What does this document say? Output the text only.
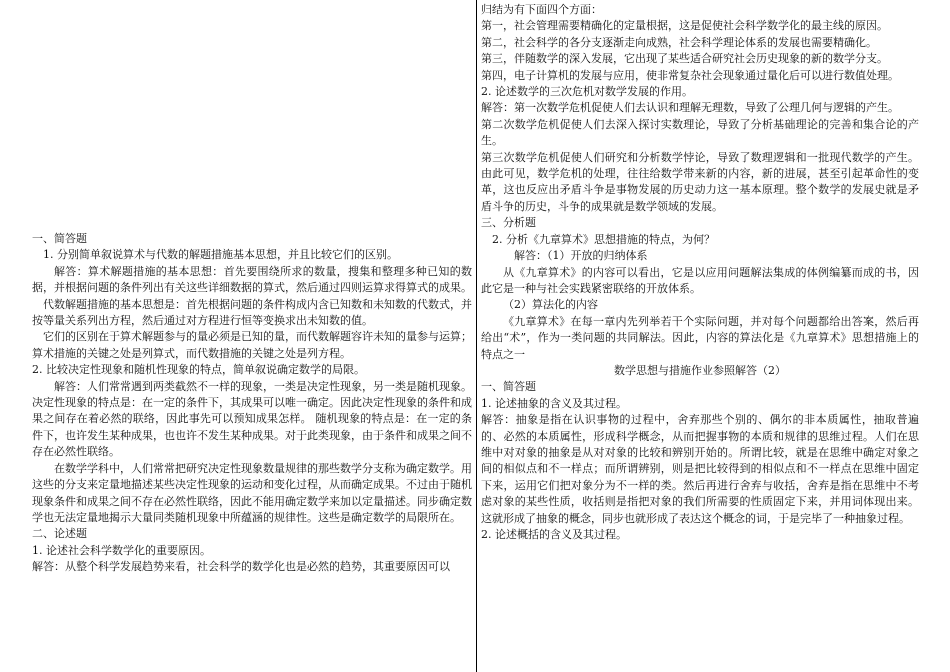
一、简答题

1. 分别简单叙说算术与代数的解题措施基本思想，并且比较它们的区别。

解答：算术解题措施的基本思想：首先要围绕所求的数量，搜集和整理多种已知的数据，并根据问题的条件列出有关这些详细数据的算式，然后通过四则运算求得算式的成果。

代数解题措施的基本思想是：首先根据问题的条件构成内含已知数和未知数的代数式，并按等量关系列出方程，然后通过对方程进行恒等变换求出未知数的值。

它们的区别在于算术解题参与的量必须是已知的量，而代数解题容许未知的量参与运算；算术措施的关键之处是列算式，而代数措施的关键之处是列方程。

2. 比较决定性现象和随机性现象的特点，简单叙说确定数学的局限。

解答：人们常常遇到两类截然不一样的现象，一类是决定性现象，另一类是随机现象。决定性现象的特点是：在一定的条件下，其成果可以唯一确定。因此决定性现象的条件和成果之间存在着必然的联络，因此事先可以预知成果怎样。 随机现象的特点是：在一定的条件下，也许发生某种成果，也也许不发生某种成果。对于此类现象，由于条件和成果之间不存在必然性联络。

在数学学科中，人们常常把研究决定性现象数量规律的那些数学分支称为确定数学。用这些的分支来定量地描述某些决定性现象的运动和变化过程，从而确定成果。不过由于随机现象条件和成果之间不存在必然性联络，因此不能用确定数学来加以定量描述。同步确定数学也无法定量地揭示大量同类随机现象中所蕴涵的规律性。这些是确定数学的局限所在。

二、论述题

1. 论述社会科学数学化的重要原因。

解答：从整个科学发展趋势来看，社会科学的数学化也是必然的趋势，其重要原因可以

归结为有下面四个方面：

第一，社会管理需要精确化的定量根据，这是促使社会科学数学化的最主线的原因。

第二，社会科学的各分支逐渐走向成熟，社会科学理论体系的发展也需要精确化。

第三，伴随数学的深入发展，它出现了某些适合研究社会历史现象的新的数学分支。

第四，电子计算机的发展与应用，使非常复杂社会现象通过量化后可以进行数值处理。

2. 论述数学的三次危机对数学发展的作用。

解答：第一次数学危机促使人们去认识和理解无理数，导致了公理几何与逻辑的产生。

第二次数学危机促使人们去深入探讨实数理论，导致了分析基础理论的完善和集合论的产生。

第三次数学危机促使人们研究和分析数学悖论，导致了数理逻辑和一批现代数学的产生。由此可见，数学危机的处理，往往给数学带来新的内容，新的进展，甚至引起革命性的变革，这也反应出矛盾斗争是事物发展的历史动力这一基本原理。整个数学的发展史就是矛盾斗争的历史，斗争的成果就是数学领域的发展。

三、分析题

2. 分析《九章算术》思想措施的特点，为何？

解答：（1）开放的归纳体系

从《九章算术》的内容可以看出，它是以应用问题解法集成的体例编纂而成的书，因此它是一种与社会实践紧密联络的开放体系。

（2）算法化的内容

《九章算术》在每一章内先列举若干个实际问题，并对每个问题都给出答案，然后再给出“术”，作为一类问题的共同解法。因此，内容的算法化是《九章算术》思想措施上的特点之一

数学思想与措施作业参照解答（2）

一、简答题

1. 论述抽象的含义及其过程。

解答：抽象是指在认识事物的过程中，舍弃那些个别的、偶尔的非本质属性，抽取普遍的、必然的本质属性，形成科学概念，从而把握事物的本质和规律的思维过程。人们在思维中对对象的抽象是从对对象的比较和辨别开始的。所谓比较，就是在思维中确定对象之间的相似点和不一样点；而所谓辨别，则是把比较得到的相似点和不一样点在思维中固定下来，运用它们把对象分为不一样的类。然后再进行舍弃与收括，舍弃是指在思维中不考虑对象的某些性质，收括则是指把对象的我们所需要的性质固定下来，并用词体现出来。这就形成了抽象的概念，同步也就形成了表达这个概念的词，于是完毕了一种抽象过程。

2. 论述概括的含义及其过程。
